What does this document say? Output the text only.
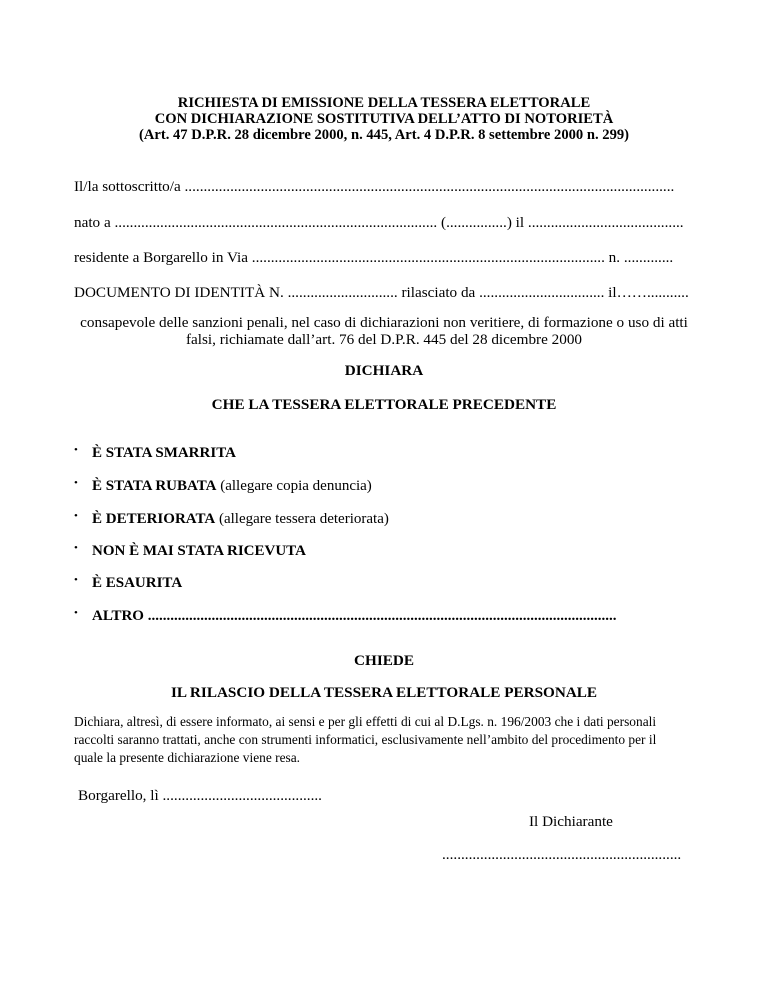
RICHIESTA DI EMISSIONE DELLA TESSERA ELETTORALE
CON DICHIARAZIONE SOSTITUTIVA DELL’ATTO DI NOTORIETÀ
(Art. 47 D.P.R. 28 dicembre 2000, n. 445, Art. 4 D.P.R. 8 settembre 2000 n. 299)
Il/la sottoscritto/a .................................................................................................................................
nato a ..................................................................................... (................) il .........................................
residente a Borgarello in Via ............................................................................................. n. .............
DOCUMENTO DI IDENTITÀ N. ............................. rilasciato da ................................. il……...........
consapevole delle sanzioni penali, nel caso di dichiarazioni non veritiere, di formazione o uso di atti
falsi, richiamate dall’art. 76 del D.P.R. 445 del 28 dicembre 2000
DICHIARA
CHE LA TESSERA ELETTORALE PRECEDENTE
• È STATA SMARRITA
• È STATA RUBATA (allegare copia denuncia)
• È DETERIORATA (allegare tessera deteriorata)
• NON È MAI STATA RICEVUTA
• È ESAURITA
• ALTRO .............................................................................................................................
CHIEDE
IL RILASCIO DELLA TESSERA ELETTORALE PERSONALE
Dichiara, altresì, di essere informato, ai sensi e per gli effetti di cui al D.Lgs. n. 196/2003 che i dati personali
raccolti saranno trattati, anche con strumenti informatici, esclusivamente nell’ambito del procedimento per il
quale la presente dichiarazione viene resa.
Borgarello, lì ..........................................
Il Dichiarante
...............................................................
